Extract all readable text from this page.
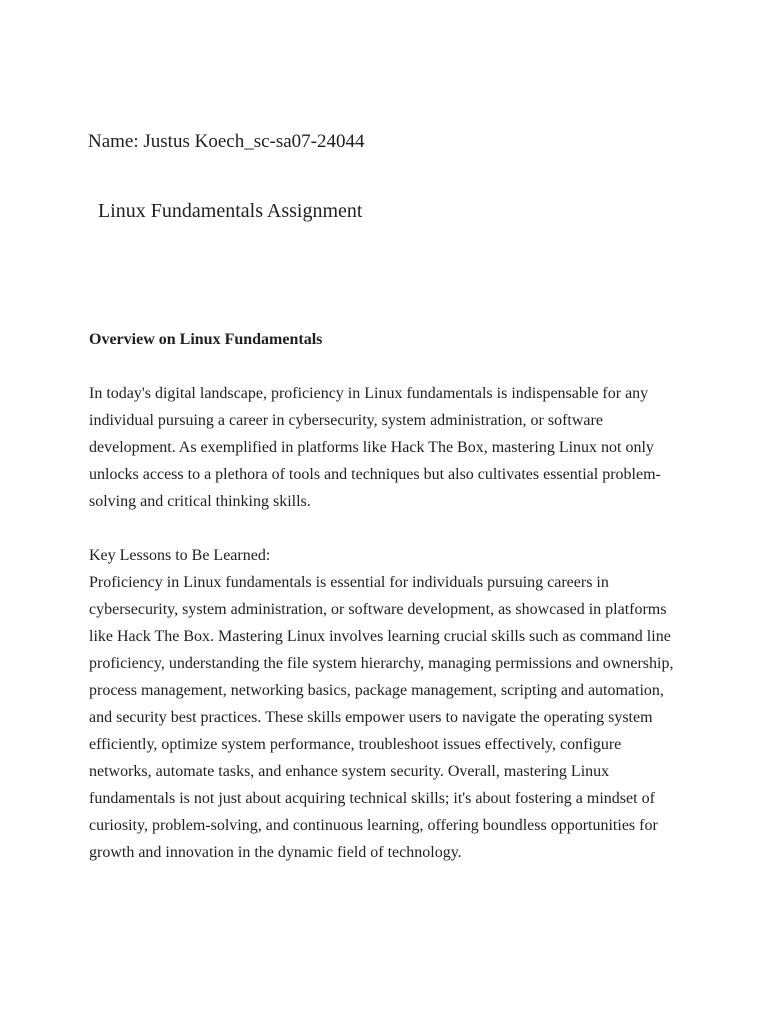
Name: Justus Koech_sc-sa07-24044
Linux Fundamentals Assignment
Overview on Linux Fundamentals

In today's digital landscape, proficiency in Linux fundamentals is indispensable for any individual pursuing a career in cybersecurity, system administration, or software development. As exemplified in platforms like Hack The Box, mastering Linux not only unlocks access to a plethora of tools and techniques but also cultivates essential problem-solving and critical thinking skills.

Key Lessons to Be Learned:

Proficiency in Linux fundamentals is essential for individuals pursuing careers in cybersecurity, system administration, or software development, as showcased in platforms like Hack The Box. Mastering Linux involves learning crucial skills such as command line proficiency, understanding the file system hierarchy, managing permissions and ownership, process management, networking basics, package management, scripting and automation, and security best practices. These skills empower users to navigate the operating system efficiently, optimize system performance, troubleshoot issues effectively, configure networks, automate tasks, and enhance system security. Overall, mastering Linux fundamentals is not just about acquiring technical skills; it's about fostering a mindset of curiosity, problem-solving, and continuous learning, offering boundless opportunities for growth and innovation in the dynamic field of technology.
